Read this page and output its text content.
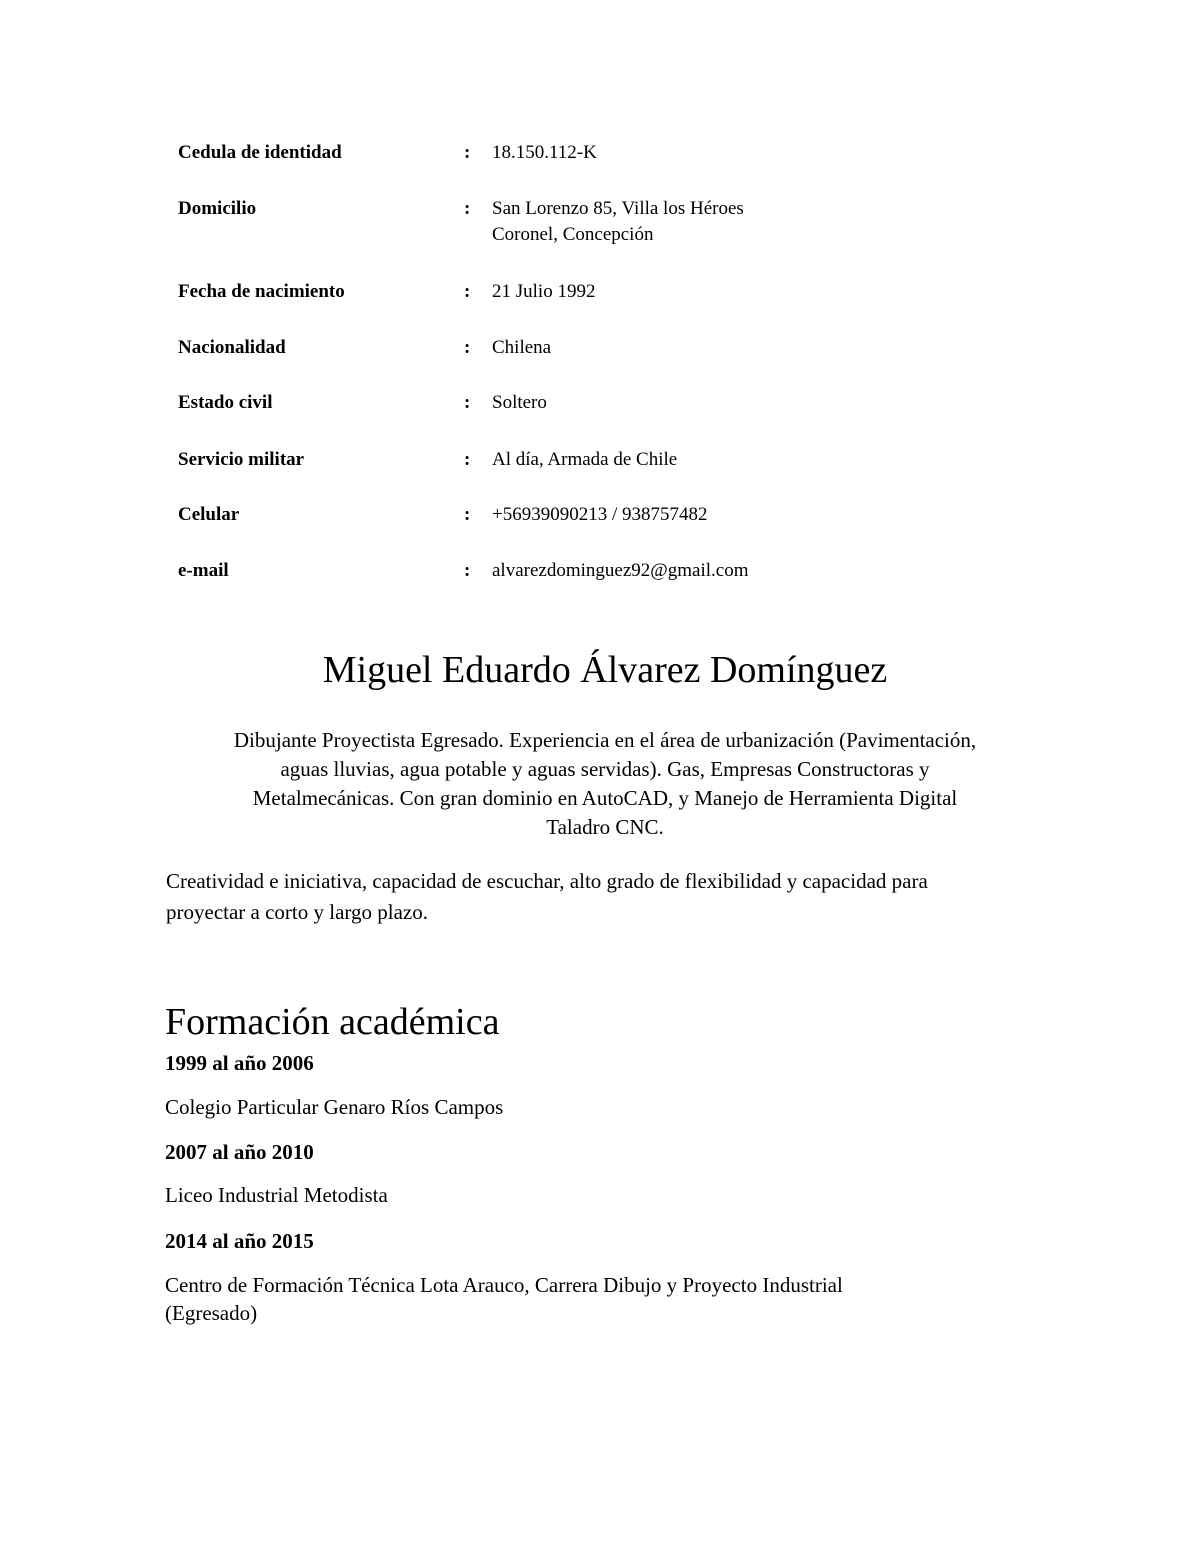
Cedula de identidad	: 18.150.112-K
Domicilio	: San Lorenzo 85, Villa los Héroes
Coronel, Concepción
Fecha de nacimiento	: 21 Julio 1992
Nacionalidad	: Chilena
Estado civil	: Soltero
Servicio militar	: Al día, Armada de Chile
Celular	: +56939090213 / 938757482
e-mail	: alvarezdominguez92@gmail.com
Miguel Eduardo Álvarez Domínguez
Dibujante Proyectista Egresado. Experiencia en el área de urbanización (Pavimentación,
aguas lluvias, agua potable y aguas servidas). Gas, Empresas Constructoras y
Metalmecánicas. Con gran dominio en AutoCAD, y Manejo de Herramienta Digital
Taladro CNC.
Creatividad e iniciativa, capacidad de escuchar, alto grado de flexibilidad y capacidad para
proyectar a corto y largo plazo.
Formación académica
1999 al año 2006
Colegio Particular Genaro Ríos Campos
2007 al año 2010
Liceo Industrial Metodista
2014 al año 2015
Centro de Formación Técnica Lota Arauco, Carrera Dibujo y Proyecto Industrial
(Egresado)
